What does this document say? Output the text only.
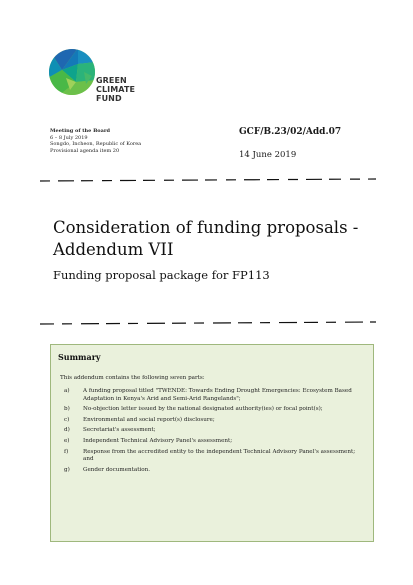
GREEN
CLIMATE
FUND
Meeting of the Board
6 – 8 July 2019
Songdo, Incheon, Republic of Korea
Provisional agenda item 20
GCF/B.23/02/Add.07
14 June 2019
Consideration of funding proposals - Addendum VII
Funding proposal package for FP113
Summary
This addendum contains the following seven parts:
a) A funding proposal titled "TWENDE: Towards Ending Drought Emergencies: Ecosystem Based Adaptation in Kenya's Arid and Semi-Arid Rangelands";
b) No-objection letter issued by the national designated authority(ies) or focal point(s);
c) Environmental and social report(s) disclosure;
d) Secretariat's assessment;
e) Independent Technical Advisory Panel's assessment;
f)	Response from the accredited entity to the independent Technical Advisory Panel's assessment; and
g) Gender documentation.
